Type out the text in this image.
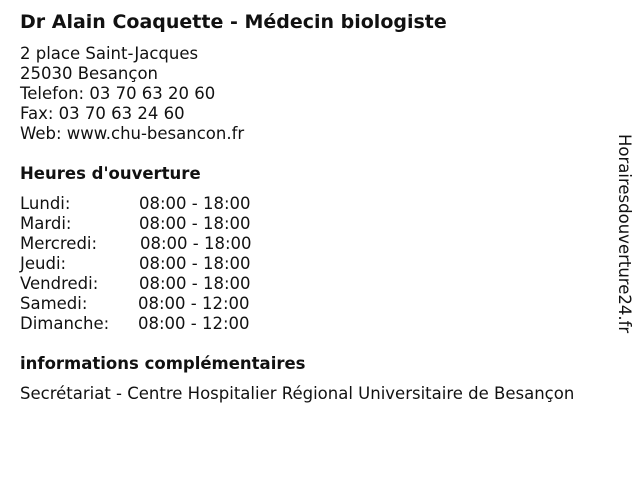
Dr Alain Coaquette - Médecin biologiste
2 place Saint-Jacques
25030 Besançon
Telefon: 03 70 63 20 60
Fax: 03 70 63 24 60
Web: www.chu-besancon.fr
Heures d'ouverture
Lundi:	08:00 - 18:00
Mardi:	08:00 - 18:00
Mercredi:	08:00 - 18:00
Jeudi:	08:00 - 18:00
Vendredi: 08:00 - 18:00
Samedi:	08:00 - 12:00
Dimanche: 08:00 - 12:00
informations complémentaires
Secrétariat - Centre Hospitalier Régional Universitaire de Besançon
Horairesdouverture24.fr
